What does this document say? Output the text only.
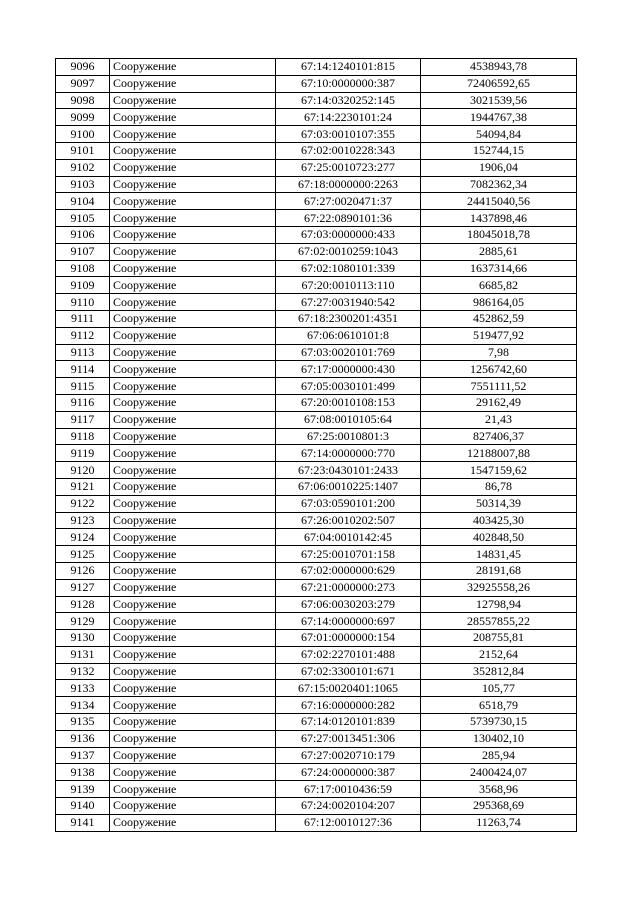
9096	Сооружение	67:14:1240101:815	4538943,78
9097	Сооружение	67:10:0000000:387	72406592,65
9098	Сооружение	67:14:0320252:145	3021539,56
9099	Сооружение	67:14:2230101:24	1944767,38
9100	Сооружение	67:03:0010107:355	54094,84
9101	Сооружение	67:02:0010228:343	152744,15
9102	Сооружение	67:25:0010723:277	1906,04
9103	Сооружение	67:18:0000000:2263	7082362,34
9104	Сооружение	67:27:0020471:37	24415040,56
9105	Сооружение	67:22:0890101:36	1437898,46
9106	Сооружение	67:03:0000000:433	18045018,78
9107	Сооружение	67:02:0010259:1043	2885,61
9108	Сооружение	67:02:1080101:339	1637314,66
9109	Сооружение	67:20:0010113:110	6685,82
9110	Сооружение	67:27:0031940:542	986164,05
9111	Сооружение	67:18:2300201:4351	452862,59
9112	Сооружение	67:06:0610101:8	519477,92
9113	Сооружение	67:03:0020101:769	7,98
9114	Сооружение	67:17:0000000:430	1256742,60
9115	Сооружение	67:05:0030101:499	7551111,52
9116	Сооружение	67:20:0010108:153	29162,49
9117	Сооружение	67:08:0010105:64	21,43
9118	Сооружение	67:25:0010801:3	827406,37
9119	Сооружение	67:14:0000000:770	12188007,88
9120	Сооружение	67:23:0430101:2433	1547159,62
9121	Сооружение	67:06:0010225:1407	86,78
9122	Сооружение	67:03:0590101:200	50314,39
9123	Сооружение	67:26:0010202:507	403425,30
9124	Сооружение	67:04:0010142:45	402848,50
9125	Сооружение	67:25:0010701:158	14831,45
9126	Сооружение	67:02:0000000:629	28191,68
9127	Сооружение	67:21:0000000:273	32925558,26
9128	Сооружение	67:06:0030203:279	12798,94
9129	Сооружение	67:14:0000000:697	28557855,22
9130	Сооружение	67:01:0000000:154	208755,81
9131	Сооружение	67:02:2270101:488	2152,64
9132	Сооружение	67:02:3300101:671	352812,84
9133	Сооружение	67:15:0020401:1065	105,77
9134	Сооружение	67:16:0000000:282	6518,79
9135	Сооружение	67:14:0120101:839	5739730,15
9136	Сооружение	67:27:0013451:306	130402,10
9137	Сооружение	67:27:0020710:179	285,94
9138	Сооружение	67:24:0000000:387	2400424,07
9139	Сооружение	67:17:0010436:59	3568,96
9140	Сооружение	67:24:0020104:207	295368,69
9141	Сооружение	67:12:0010127:36	11263,74
